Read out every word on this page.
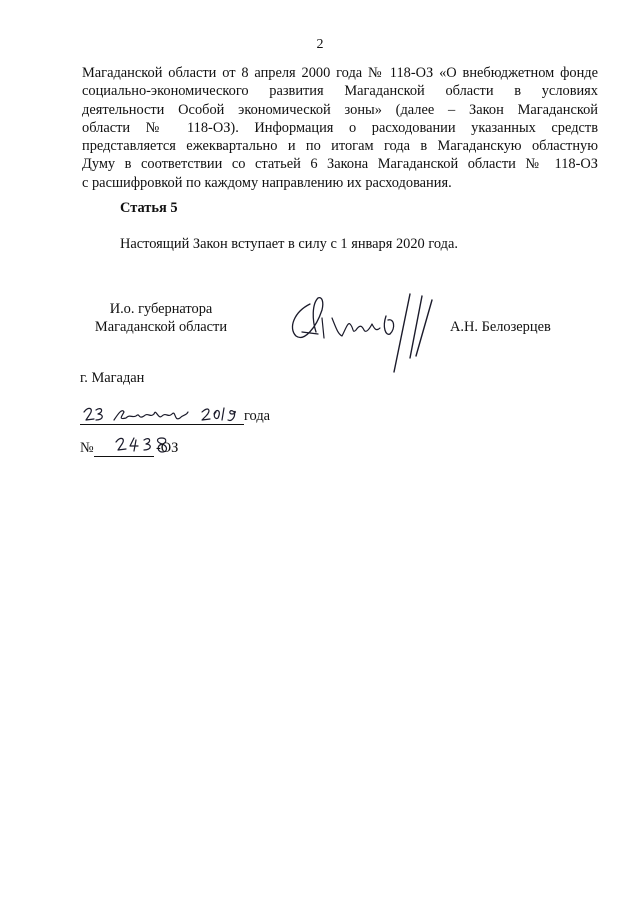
2
Магаданской области от 8 апреля 2000 года № 118-ОЗ «О внебюджетном фонде
социально-экономического развития Магаданской области в условиях
деятельности Особой экономической зоны» (далее – Закон Магаданской
области № 118-ОЗ). Информация о расходовании указанных средств
представляется ежеквартально и по итогам года в Магаданскую областную
Думу в соответствии со статьей 6 Закона Магаданской области № 118-ОЗ
с расшифровкой по каждому направлению их расходования.
Статья 5
Настоящий Закон вступает в силу с 1 января 2020 года.
И.о. губернатора
Магаданской области	А.Н. Белозерцев
г. Магадан
года
№	-ОЗ
